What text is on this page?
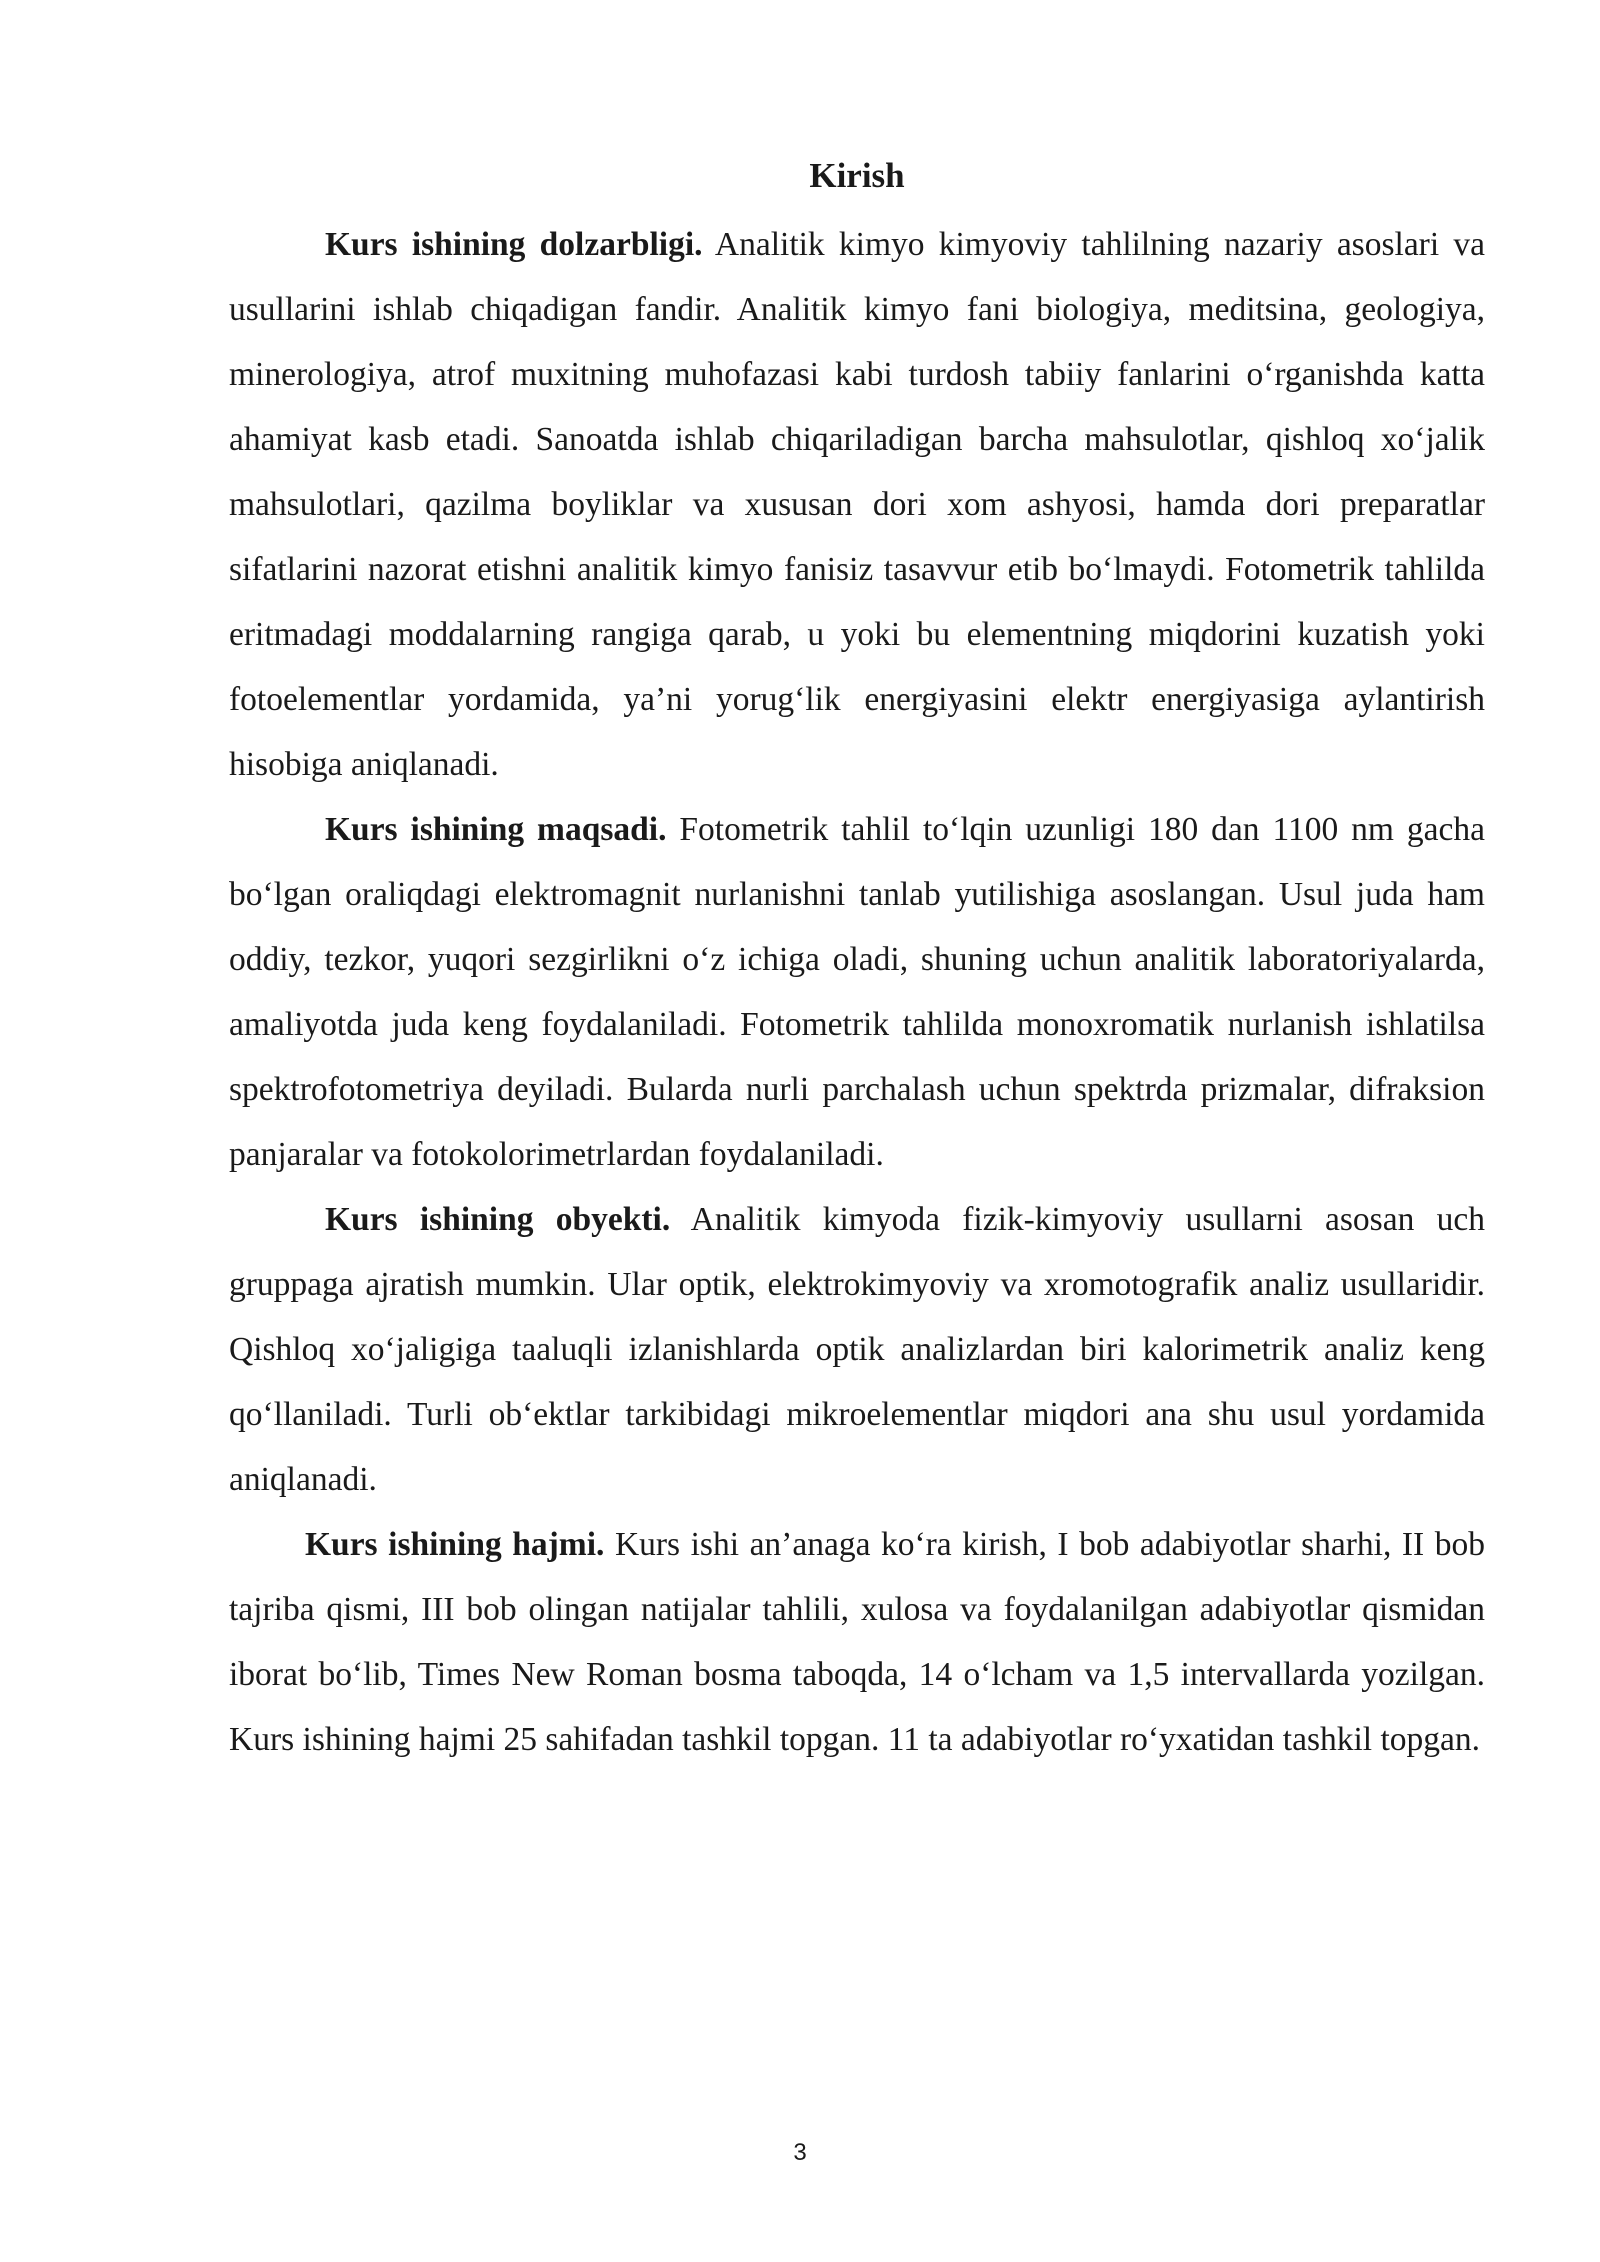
Kirish

Kurs ishining dolzarbligi. Analitik kimyo kimyoviy tahlilning nazariy asoslari va usullarini ishlab chiqadigan fandir. Analitik kimyo fani biologiya, meditsina, geologiya, minerologiya, atrof muxitning muhofazasi kabi turdosh tabiiy fanlarini o‘rganishda katta ahamiyat kasb etadi. Sanoatda ishlab chiqariladigan barcha mahsulotlar, qishloq xo‘jalik mahsulotlari, qazilma boyliklar va xususan dori xom ashyosi, hamda dori preparatlar sifatlarini nazorat etishni analitik kimyo fanisiz tasavvur etib bo‘lmaydi. Fotometrik tahlilda eritmadagi moddalarning rangiga qarab, u yoki bu elementning miqdorini kuzatish yoki fotoelementlar yordamida, ya’ni yorug‘lik energiyasini elektr energiyasiga aylantirish hisobiga aniqlanadi.

Kurs ishining maqsadi. Fotometrik tahlil to‘lqin uzunligi 180 dan 1100 nm gacha bo‘lgan oraliqdagi elektromagnit nurlanishni tanlab yutilishiga asoslangan. Usul juda ham oddiy, tezkor, yuqori sezgirlikni o‘z ichiga oladi, shuning uchun analitik laboratoriyalarda, amaliyotda juda keng foydalaniladi. Fotometrik tahlilda monoxromatik nurlanish ishlatilsa spektrofotometriya deyiladi. Bularda nurli parchalash uchun spektrda prizmalar, difraksion panjaralar va fotokolorimetrlardan foydalaniladi.

Kurs ishining obyekti. Analitik kimyoda fizik-kimyoviy usullarni asosan uch gruppaga ajratish mumkin. Ular optik, elektrokimyoviy va xromotografik analiz usullaridir. Qishloq xo‘jaligiga taaluqli izlanishlarda optik analizlardan biri kalorimetrik analiz keng qo‘llaniladi. Turli ob‘ektlar tarkibidagi mikroelementlar miqdori ana shu usul yordamida aniqlanadi.

Kurs ishining hajmi. Kurs ishi an’anaga ko‘ra kirish, I bob adabiyotlar sharhi, II bob tajriba qismi, III bob olingan natijalar tahlili, xulosa va foydalanilgan adabiyotlar qismidan iborat bo‘lib, Times New Roman bosma taboqda, 14 o‘lcham va 1,5 intervallarda yozilgan. Kurs ishining hajmi 25 sahifadan tashkil topgan. 11 ta adabiyotlar ro‘yxatidan tashkil topgan.

3
